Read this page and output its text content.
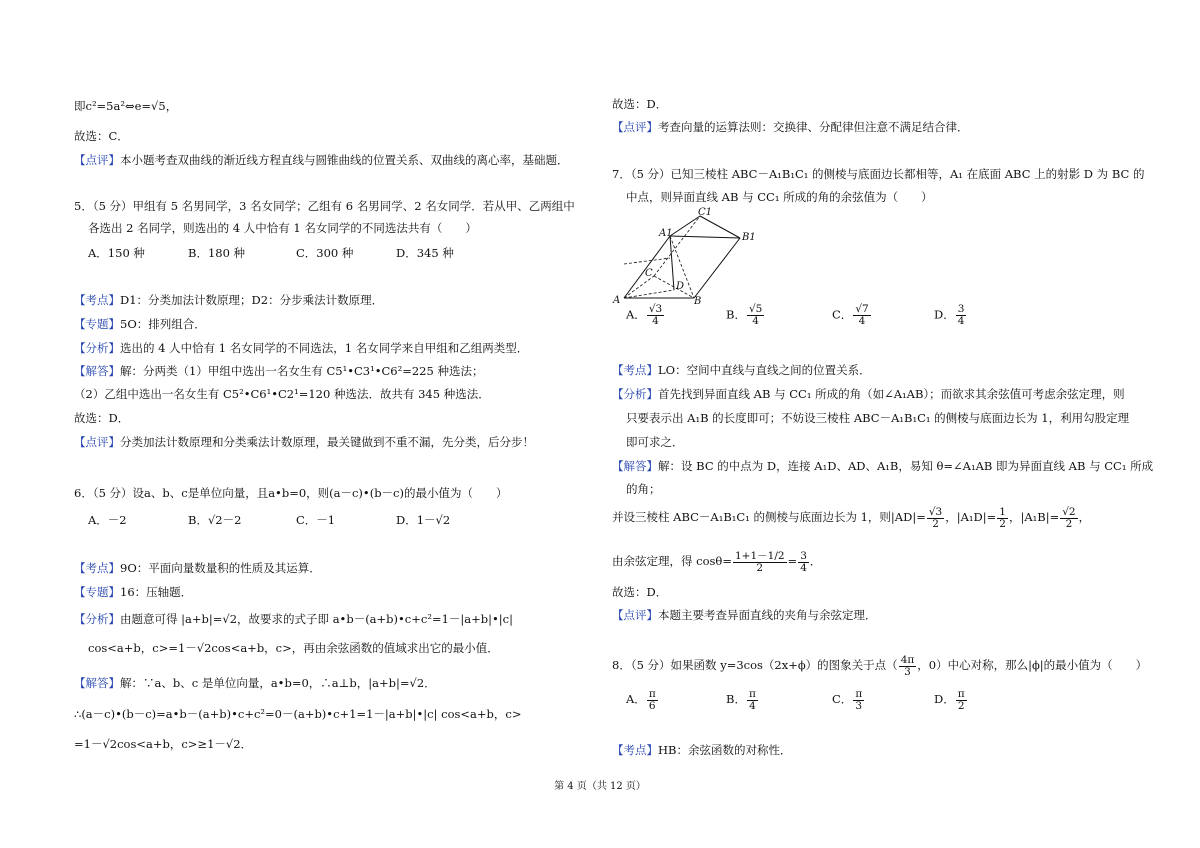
即c²=5a²⇔e=√5，
故选：C．
【点评】本小题考查双曲线的渐近线方程直线与圆锥曲线的位置关系、双曲线的离心率，基础题．
5．（5 分）甲组有 5 名男同学，3 名女同学；乙组有 6 名男同学、2 名女同学．若从甲、乙两组中
各选出 2 名同学，则选出的 4 人中恰有 1 名女同学的不同选法共有（　　）
A．150 种	B．180 种	C．300 种	D．345 种
【考点】D1：分类加法计数原理；D2：分步乘法计数原理．
【专题】5O：排列组合．
【分析】选出的 4 人中恰有 1 名女同学的不同选法，1 名女同学来自甲组和乙组两类型．
【解答】解：分两类（1）甲组中选出一名女生有 C5¹•C3¹•C6²=225 种选法；
（2）乙组中选出一名女生有 C5²•C6¹•C2¹=120 种选法．故共有 345 种选法．
故选：D．
【点评】分类加法计数原理和分类乘法计数原理，最关键做到不重不漏，先分类，后分步！
6．（5 分）设a、b、c是单位向量，且a•b=0，则(a－c)•(b－c)的最小值为（　　）
A．－2	B．√2－2	C．－1	D．1－√2
【考点】9O：平面向量数量积的性质及其运算．
【专题】16：压轴题．
【分析】由题意可得 |a+b|=√2，故要求的式子即 a•b－(a+b)•c+c²=1－|a+b|•|c|
cos<a+b，c>=1－√2cos<a+b，c>，再由余弦函数的值域求出它的最小值．
【解答】解：∵a、b、c 是单位向量，a•b=0，∴a⊥b，|a+b|=√2．
∴(a－c)•(b－c)=a•b－(a+b)•c+c²=0－(a+b)•c+1=1－|a+b|•|c| cos<a+b，c>
=1－√2cos<a+b，c>≥1－√2．
故选：D．
【点评】考查向量的运算法则：交换律、分配律但注意不满足结合律．
7．（5 分）已知三棱柱 ABC－A₁B₁C₁ 的侧棱与底面边长都相等，A₁ 在底面 ABC 上的射影 D 为 BC 的
中点，则异面直线 AB 与 CC₁ 所成的角的余弦值为（　　）
C1
A1	B1
C
D
A	B
A． $\frac{√3}{4}$	B． $\frac{√5}{4}$	C． $\frac{√7}{4}$	D． $\frac{3}{4}$
【考点】LO：空间中直线与直线之间的位置关系．
【分析】首先找到异面直线 AB 与 CC₁ 所成的角（如∠A₁AB）；而欲求其余弦值可考虑余弦定理，则
只要表示出 A₁B 的长度即可；不妨设三棱柱 ABC－A₁B₁C₁ 的侧棱与底面边长为 1，利用勾股定理
即可求之．
【解答】解：设 BC 的中点为 D，连接 A₁D、AD、A₁B，易知 θ=∠A₁AB 即为异面直线 AB 与 CC₁ 所成
的角；
并设三棱柱 ABC－A₁B₁C₁ 的侧棱与底面边长为 1，则$|AD|= \frac{√3}{2}$ ，$|A_1D|= \frac{1}{2}$ ，$|A_1B|= \frac{√2}{2}$ ，
由余弦定理，得 $\cos\theta= \frac{1+1-1/2}{2} = \frac{3}{4}$ ．
故选：D．
【点评】本题主要考查异面直线的夹角与余弦定理．
8．（5 分）如果函数 y=3cos（2x+ϕ）的图象关于点（ $\frac{4\pi}{3}$ ，0）中心对称，那么|ϕ|的最小值为（　　）
A． $\frac{\pi}{6}$	B． $\frac{\pi}{4}$	C． $\frac{\pi}{3}$	D． $\frac{\pi}{2}$
【考点】HB：余弦函数的对称性．
第 4 页（共 12 页）
